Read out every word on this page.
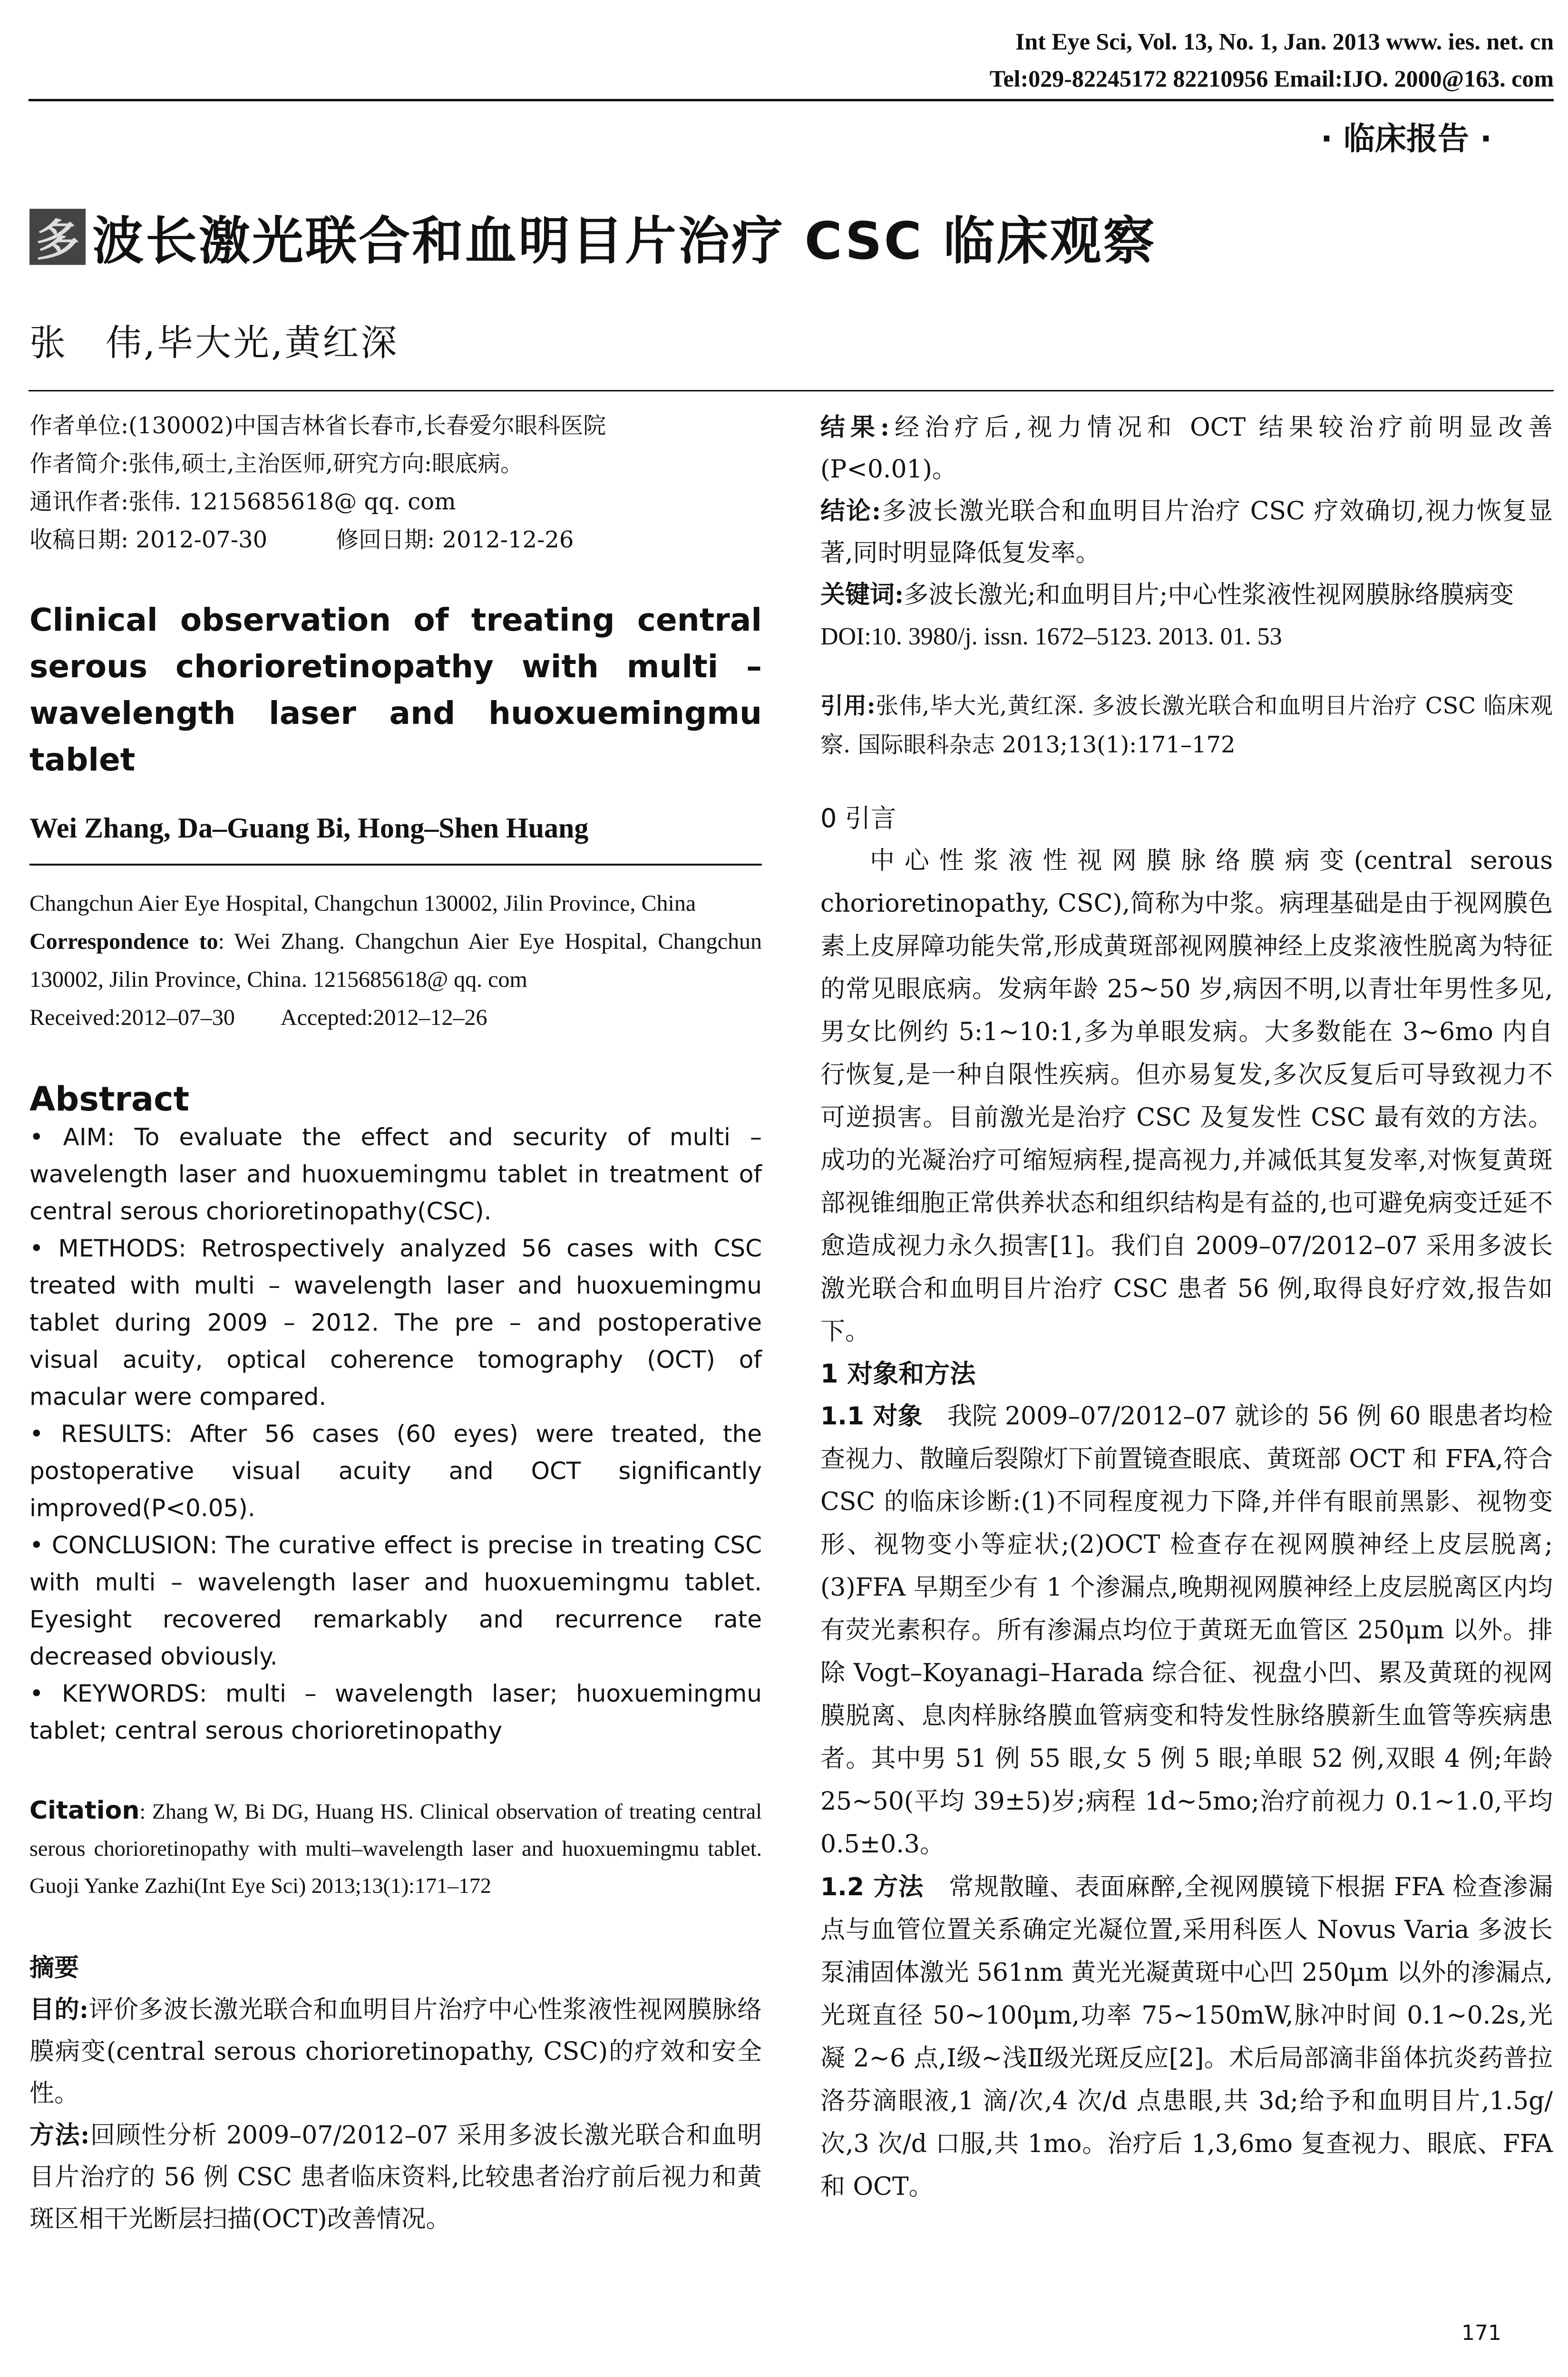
Int Eye Sci, Vol. 13, No. 1, Jan. 2013 www. ies. net. cn
Tel:029-82245172 82210956 Email:IJO. 2000@163. com
· 临床报告 ·
多 波长激光联合和血明目片治疗 CSC 临床观察
张　伟,毕大光,黄红深
作者单位:(130002)中国吉林省长春市,长春爱尔眼科医院
作者简介:张伟,硕士,主治医师,研究方向:眼底病。
通讯作者:张伟. 1215685618@ qq. com
收稿日期: 2012-07-30　　　修回日期: 2012-12-26
Clinical observation of treating central serous chorioretinopathy with multi – wavelength laser and huoxuemingmu tablet
Wei Zhang, Da–Guang Bi, Hong–Shen Huang
Changchun Aier Eye Hospital, Changchun 130002, Jilin Province, China
Correspondence to: Wei Zhang. Changchun Aier Eye Hospital, Changchun 130002, Jilin Province, China. 1215685618@ qq. com
Received:2012–07–30　　Accepted:2012–12–26
Abstract

• AIM: To evaluate the effect and security of multi – wavelength laser and huoxuemingmu tablet in treatment of central serous chorioretinopathy(CSC).

• METHODS: Retrospectively analyzed 56 cases with CSC treated with multi – wavelength laser and huoxuemingmu tablet during 2009 – 2012. The pre – and postoperative visual acuity, optical coherence tomography (OCT) of macular were compared.

• RESULTS: After 56 cases (60 eyes) were treated, the postoperative visual acuity and OCT significantly improved(P<0.05).

• CONCLUSION: The curative effect is precise in treating CSC with multi – wavelength laser and huoxuemingmu tablet. Eyesight recovered remarkably and recurrence rate decreased obviously.

• KEYWORDS: multi – wavelength laser; huoxuemingmu tablet; central serous chorioretinopathy

Citation: Zhang W, Bi DG, Huang HS. Clinical observation of treating central serous chorioretinopathy with multi–wavelength laser and huoxuemingmu tablet. Guoji Yanke Zazhi(Int Eye Sci) 2013;13(1):171–172
摘要

目的:评价多波长激光联合和血明目片治疗中心性浆液性视网膜脉络膜病变(central serous chorioretinopathy, CSC)的疗效和安全性。

方法:回顾性分析 2009–07/2012–07 采用多波长激光联合和血明目片治疗的 56 例 CSC 患者临床资料,比较患者治疗前后视力和黄斑区相干光断层扫描(OCT)改善情况。

结果:经治疗后,视力情况和 OCT 结果较治疗前明显改善(P<0.01)。

结论:多波长激光联合和血明目片治疗 CSC 疗效确切,视力恢复显著,同时明显降低复发率。

关键词:多波长激光;和血明目片;中心性浆液性视网膜脉络膜病变

DOI:10. 3980/j. issn. 1672–5123. 2013. 01. 53

引用:张伟,毕大光,黄红深. 多波长激光联合和血明目片治疗 CSC 临床观察. 国际眼科杂志 2013;13(1):171–172
0 引言

中心性浆液性视网膜脉络膜病变(central serous chorioretinopathy, CSC),简称为中浆。病理基础是由于视网膜色素上皮屏障功能失常,形成黄斑部视网膜神经上皮浆液性脱离为特征的常见眼底病。发病年龄 25~50 岁,病因不明,以青壮年男性多见,男女比例约 5:1~10:1,多为单眼发病。大多数能在 3~6mo 内自行恢复,是一种自限性疾病。但亦易复发,多次反复后可导致视力不可逆损害。目前激光是治疗 CSC 及复发性 CSC 最有效的方法。成功的光凝治疗可缩短病程,提高视力,并减低其复发率,对恢复黄斑部视锥细胞正常供养状态和组织结构是有益的,也可避免病变迁延不愈造成视力永久损害[1]。我们自 2009–07/2012–07 采用多波长激光联合和血明目片治疗 CSC 患者 56 例,取得良好疗效,报告如下。

1 对象和方法

1.1 对象　 我院 2009–07/2012–07 就诊的 56 例 60 眼患者均检查视力、散瞳后裂隙灯下前置镜查眼底、黄斑部 OCT 和 FFA,符合 CSC 的临床诊断:(1)不同程度视力下降,并伴有眼前黑影、视物变形、视物变小等症状;(2)OCT 检查存在视网膜神经上皮层脱离;(3)FFA 早期至少有 1 个渗漏点,晚期视网膜神经上皮层脱离区内均有荧光素积存。所有渗漏点均位于黄斑无血管区 250μm 以外。排除 Vogt–Koyanagi–Harada 综合征、视盘小凹、累及黄斑的视网膜脱离、息肉样脉络膜血管病变和特发性脉络膜新生血管等疾病患者。其中男 51 例 55 眼,女 5 例 5 眼;单眼 52 例,双眼 4 例;年龄 25~50(平均 39±5)岁;病程 1d~5mo;治疗前视力 0.1~1.0,平均 0.5±0.3。

1.2 方法　 常规散瞳、表面麻醉,全视网膜镜下根据 FFA 检查渗漏点与血管位置关系确定光凝位置,采用科医人 Novus Varia 多波长泵浦固体激光 561nm 黄光光凝黄斑中心凹 250μm 以外的渗漏点,光斑直径 50~100μm,功率 75~150mW,脉冲时间 0.1~0.2s,光凝 2~6 点,Ⅰ级~浅Ⅱ级光斑反应[2]。术后局部滴非甾体抗炎药普拉洛芬滴眼液,1 滴/次,4 次/d 点患眼,共 3d;给予和血明目片,1.5g/次,3 次/d 口服,共 1mo。治疗后 1,3,6mo 复查视力、眼底、FFA 和 OCT。

171
